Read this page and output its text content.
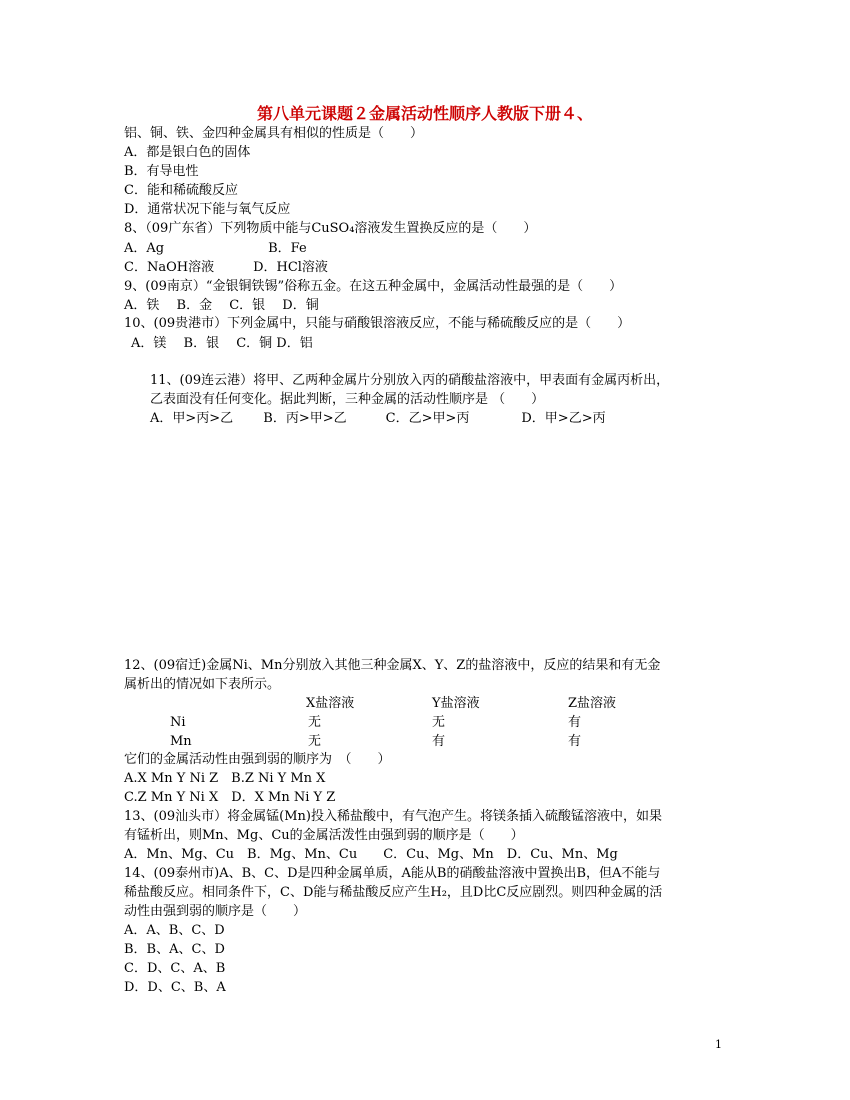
第八单元课题２金属活动性顺序人教版下册４、
铝、铜、铁、金四种金属具有相似的性质是（　　）
A．都是银白色的固体
B．有导电性
C．能和稀硫酸反应
D．通常状况下能与氧气反应
8、（09广东省）下列物质中能与CuSO₄溶液发生置换反应的是（　　）
A．Ag　　　　　　　　B．Fe
C．NaOH溶液　　　D．HCl溶液
9、(09南京）“金银铜铁锡”俗称五金。在这五种金属中，金属活动性最强的是（　　）
A．铁　 B．金　 C．银　 D．铜
10、(09贵港市）下列金属中，只能与硝酸银溶液反应，不能与稀硫酸反应的是（　　）
A．镁　 B．银　 C．铜 D．铝
11、(09连云港）将甲、乙两种金属片分别放入丙的硝酸盐溶液中，甲表面有金属丙析出，
乙表面没有任何变化。据此判断，三种金属的活动性顺序是 （　　）
A．甲>丙>乙　　 B．丙>甲>乙　　　C．乙>甲>丙　　　　D．甲>乙>丙
12、(09宿迁)金属Ni、Mn分别放入其他三种金属X、Y、Z的盐溶液中，反应的结果和有无金
属析出的情况如下表所示。
X盐溶液	Y盐溶液	Z盐溶液
Ni	无	无	有
Mn	无	有	有
它们的金属活动性由强到弱的顺序为　（　　）
A.X Mn Y Ni Z　B.Z Ni Y Mn X
C.Z Mn Y Ni X　D．X Mn Ni Y Z
13、(09汕头市）将金属锰(Mn)投入稀盐酸中，有气泡产生。将镁条插入硫酸锰溶液中，如果
有锰析出，则Mn、Mg、Cu的金属活泼性由强到弱的顺序是（　　）
A．Mn、Mg、Cu　B．Mg、Mn、Cu　　C．Cu、Mg、Mn　D．Cu、Mn、Mg
14、(09泰州市)A、B、C、D是四种金属单质，A能从B的硝酸盐溶液中置换出B，但A不能与
稀盐酸反应。相同条件下，C、D能与稀盐酸反应产生H₂，且D比C反应剧烈。则四种金属的活
动性由强到弱的顺序是（　　）
A．A、B、C、D
B．B、A、C、D
C．D、C、A、B
D．D、C、B、A
1
